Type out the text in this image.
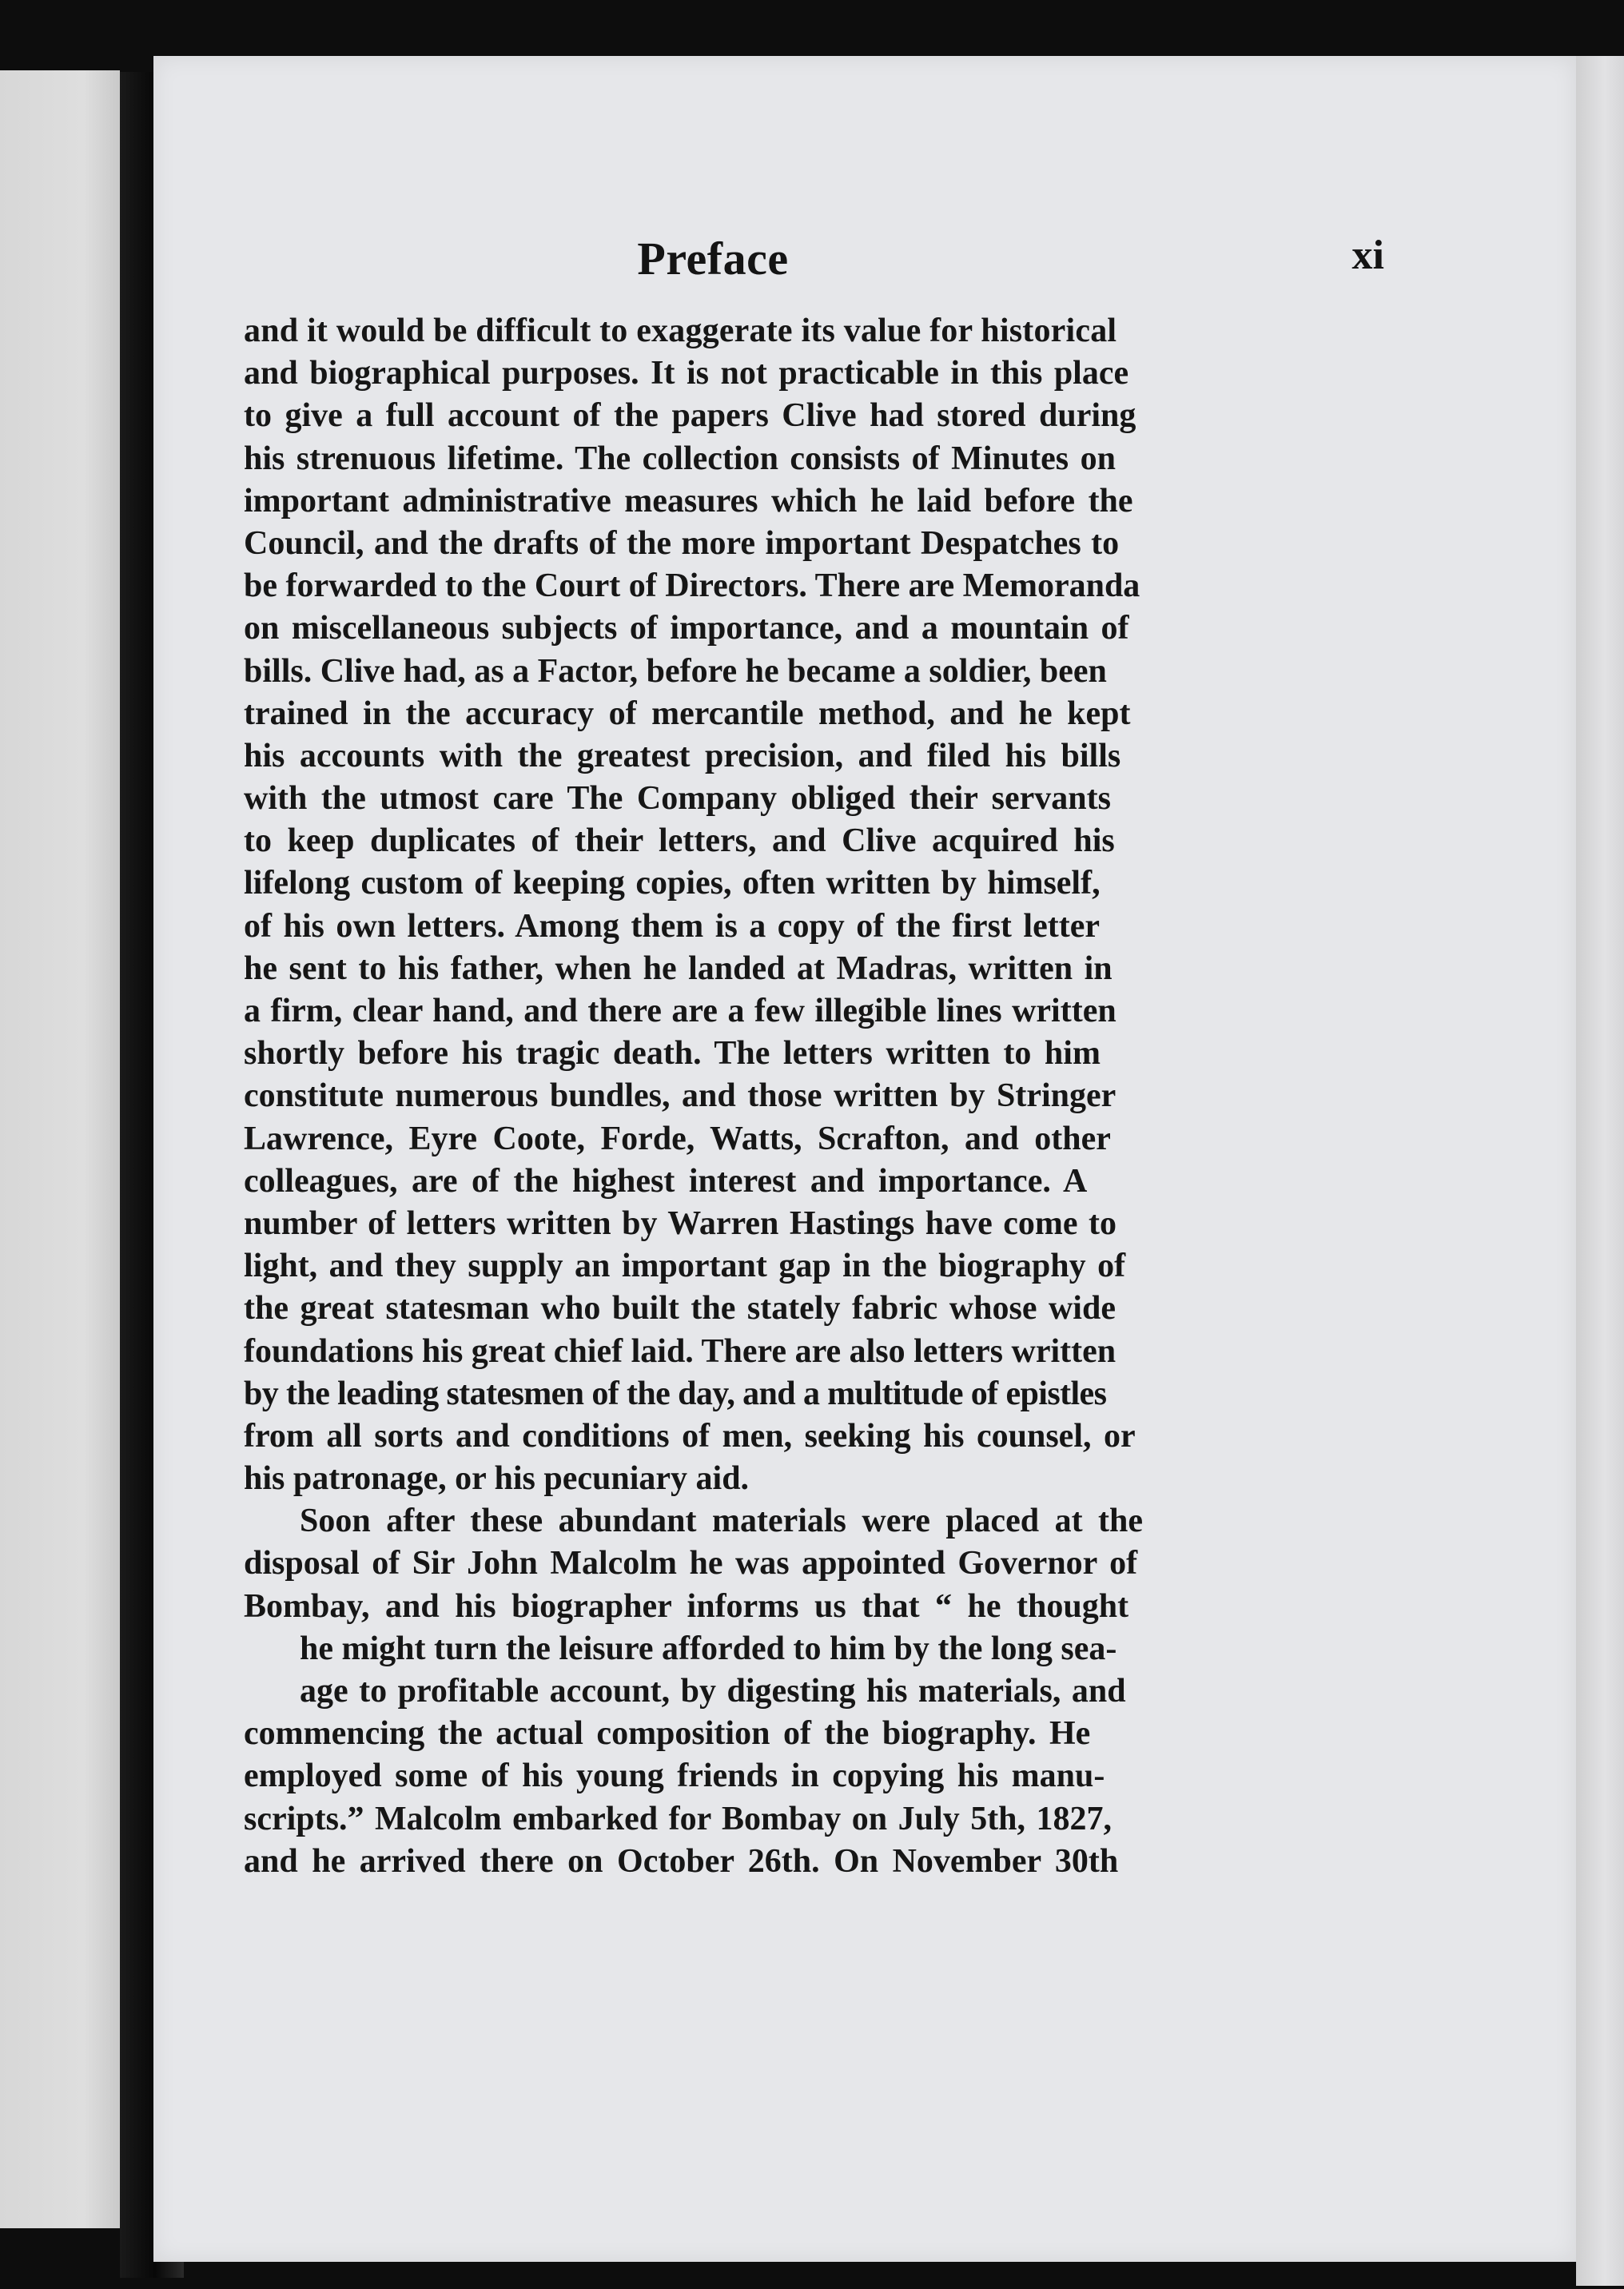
Preface	xi
and it would be difficult to exaggerate its value for historical
and biographical purposes. It is not practicable in this place
to give a full account of the papers Clive had stored during
his strenuous lifetime. The collection consists of Minutes on
important administrative measures which he laid before the
Council, and the drafts of the more important Despatches to
be forwarded to the Court of Directors. There are Memoranda
on miscellaneous subjects of importance, and a mountain of
bills. Clive had, as a Factor, before he became a soldier, been
trained in the accuracy of mercantile method, and he kept
his accounts with the greatest precision, and filed his bills
with the utmost care The Company obliged their servants
to keep duplicates of their letters, and Clive acquired his
lifelong custom of keeping copies, often written by himself,
of his own letters. Among them is a copy of the first letter
he sent to his father, when he landed at Madras, written in
a firm, clear hand, and there are a few illegible lines written
shortly before his tragic death. The letters written to him
constitute numerous bundles, and those written by Stringer
Lawrence, Eyre Coote, Forde, Watts, Scrafton, and other
colleagues, are of the highest interest and importance. A
number of letters written by Warren Hastings have come to
light, and they supply an important gap in the biography of
the great statesman who built the stately fabric whose wide
foundations his great chief laid. There are also letters written
by the leading statesmen of the day, and a multitude of epistles
from all sorts and conditions of men, seeking his counsel, or
his patronage, or his pecuniary aid.
Soon after these abundant materials were placed at the
disposal of Sir John Malcolm he was appointed Governor of
Bombay, and his biographer informs us that “ he thought
he might turn the leisure afforded to him by the long sea-
age to profitable account, by digesting his materials, and
commencing the actual composition of the biography. He
employed some of his young friends in copying his manu-
scripts.” Malcolm embarked for Bombay on July 5th, 1827,
and he arrived there on October 26th. On November 30th
